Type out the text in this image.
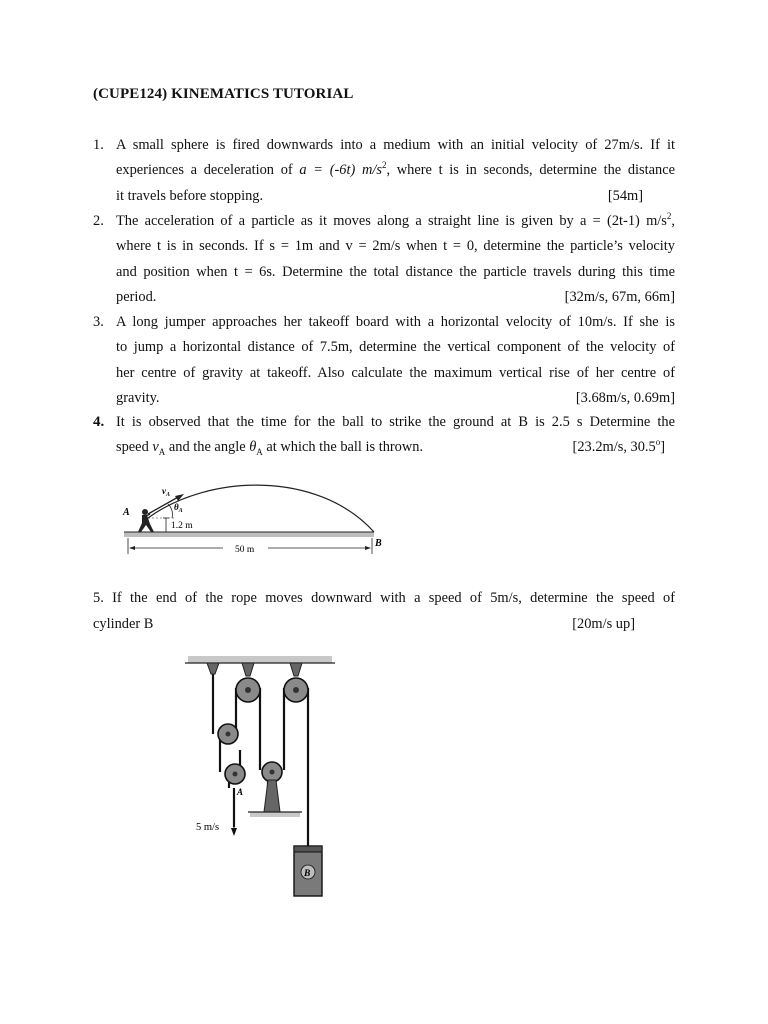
(CUPE124) KINEMATICS TUTORIAL
1. A small sphere is fired downwards into a medium with an initial velocity of 27m/s. If it
experiences a deceleration of a = (-6t) $m/s^2$, where t is in seconds, determine the distance
it travels before stopping.	[54m]
2. The acceleration of a particle as it moves along a straight line is given by a = (2t-1) $m/s^2$,
where t is in seconds. If s = 1m and v = 2m/s when t = 0, determine the particle’s velocity
and position when t = 6s. Determine the total distance the particle travels during this time
period.	[32m/s, 67m, 66m]
3. A long jumper approaches her takeoff board with a horizontal velocity of 10m/s. If she is
to jump a horizontal distance of 7.5m, determine the vertical component of the velocity of
her centre of gravity at takeoff. Also calculate the maximum vertical rise of her centre of
gravity.	[3.68m/s, 0.69m]
4. It is observed that the time for the ball to strike the ground at B is 2.5 s Determine the
speed $v_A$ and the angle $\theta_A$ at which the ball is thrown.	[23.2m/s, 30.5$^o$]
A
$v_A$
$\theta_A$
1.2 m
50 m
B
5. If the end of the rope moves downward with a speed of 5m/s, determine the speed of
cylinder B	[20m/s up]
A
5 m/s
B
